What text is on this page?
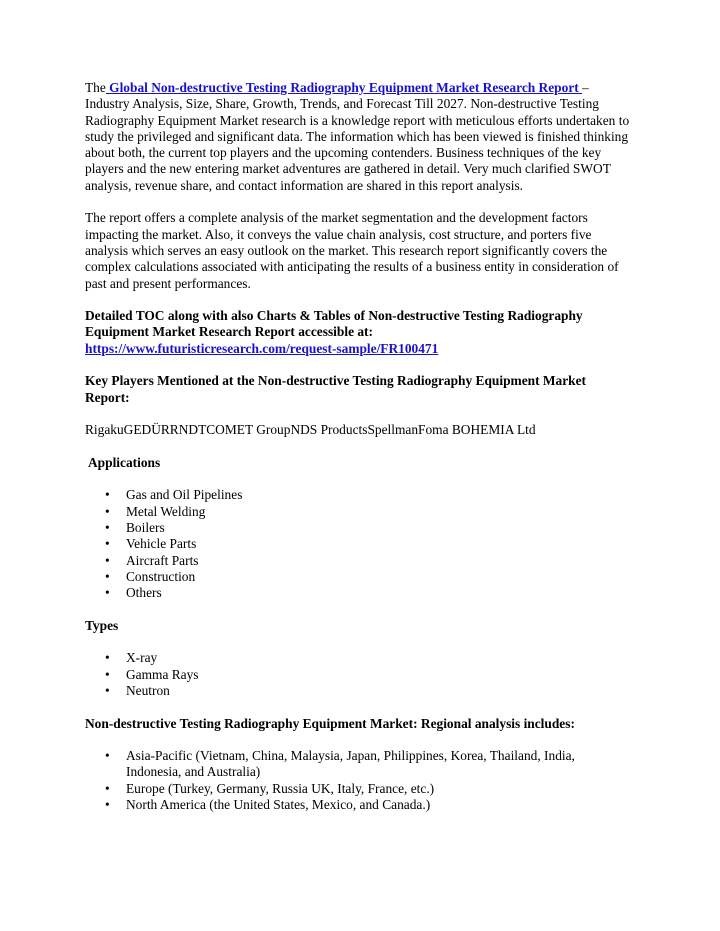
The Global Non-destructive Testing Radiography Equipment Market Research Report – Industry Analysis, Size, Share, Growth, Trends, and Forecast Till 2027. Non-destructive Testing Radiography Equipment Market research is a knowledge report with meticulous efforts undertaken to study the privileged and significant data. The information which has been viewed is finished thinking about both, the current top players and the upcoming contenders. Business techniques of the key players and the new entering market adventures are gathered in detail. Very much clarified SWOT analysis, revenue share, and contact information are shared in this report analysis.

The report offers a complete analysis of the market segmentation and the development factors impacting the market. Also, it conveys the value chain analysis, cost structure, and porters five analysis which serves an easy outlook on the market. This research report significantly covers the complex calculations associated with anticipating the results of a business entity in consideration of past and present performances.

Detailed TOC along with also Charts & Tables of Non-destructive Testing Radiography Equipment Market Research Report accessible at:

https://www.futuristicresearch.com/request-sample/FR100471

Key Players Mentioned at the Non-destructive Testing Radiography Equipment Market Report:

RigakuGEDÜRRNDTCOMET GroupNDS ProductsSpellmanFoma BOHEMIA Ltd

Applications

• Gas and Oil Pipelines
• Metal Welding
• Boilers
• Vehicle Parts
• Aircraft Parts
• Construction
• Others

Types

• X-ray
• Gamma Rays
• Neutron

Non-destructive Testing Radiography Equipment Market: Regional analysis includes:

• Asia-Pacific (Vietnam, China, Malaysia, Japan, Philippines, Korea, Thailand, India, Indonesia, and Australia)
• Europe (Turkey, Germany, Russia UK, Italy, France, etc.)
• North America (the United States, Mexico, and Canada.)
